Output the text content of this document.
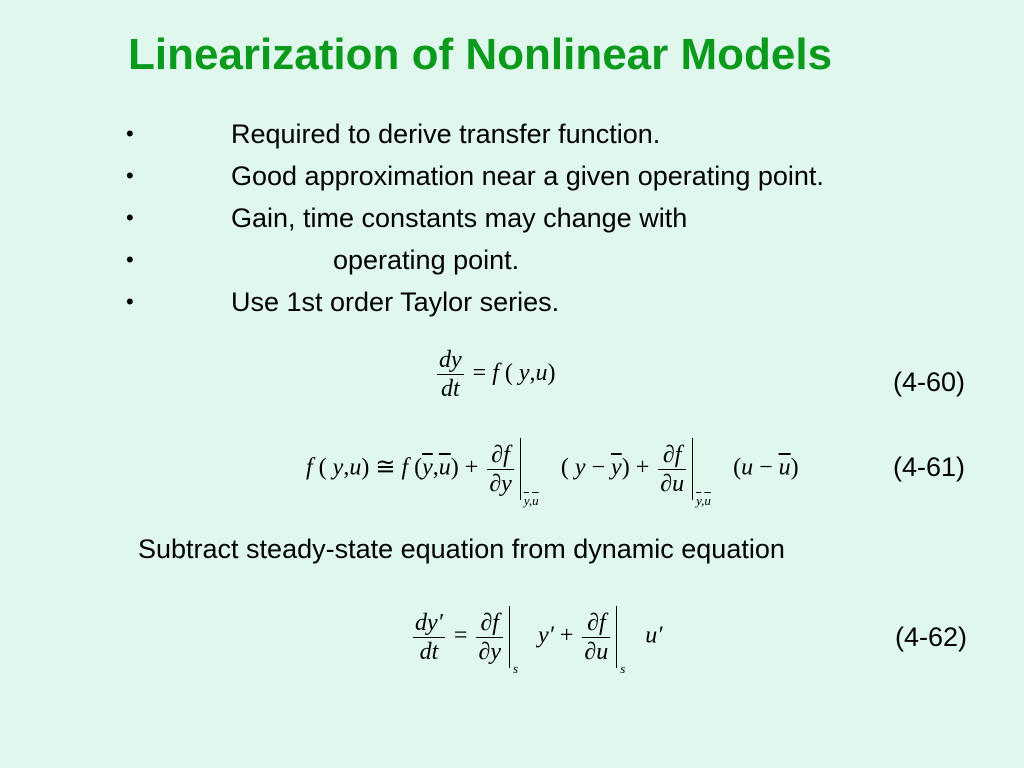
Linearization of Nonlinear Models
•	Required to derive transfer function.
•	Good approximation near a given operating point.
•	Gain, time constants may change with
•	operating point.
•	Use 1st order Taylor series.
$\frac{dy}{dt} = f$ ( y,u)	(4-60)
f ( y,u) ≅ f $(\overline{y},\overline{u}) + \frac{\partial f}{\partial y}$
$\overline{y},\overline{u}$
( $y - \overline{y}) + \frac{\partial f}{\partial u}$
$\overline{y},\overline{u}$
$(u - \overline{u})$	(4-61)
Subtract steady-state equation from dynamic equation
$\frac{dy'}{dt} = \frac{\partial f}{\partial y}$
s
$y' + \frac{\partial f}{\partial u}$
s
u′	(4-62)
